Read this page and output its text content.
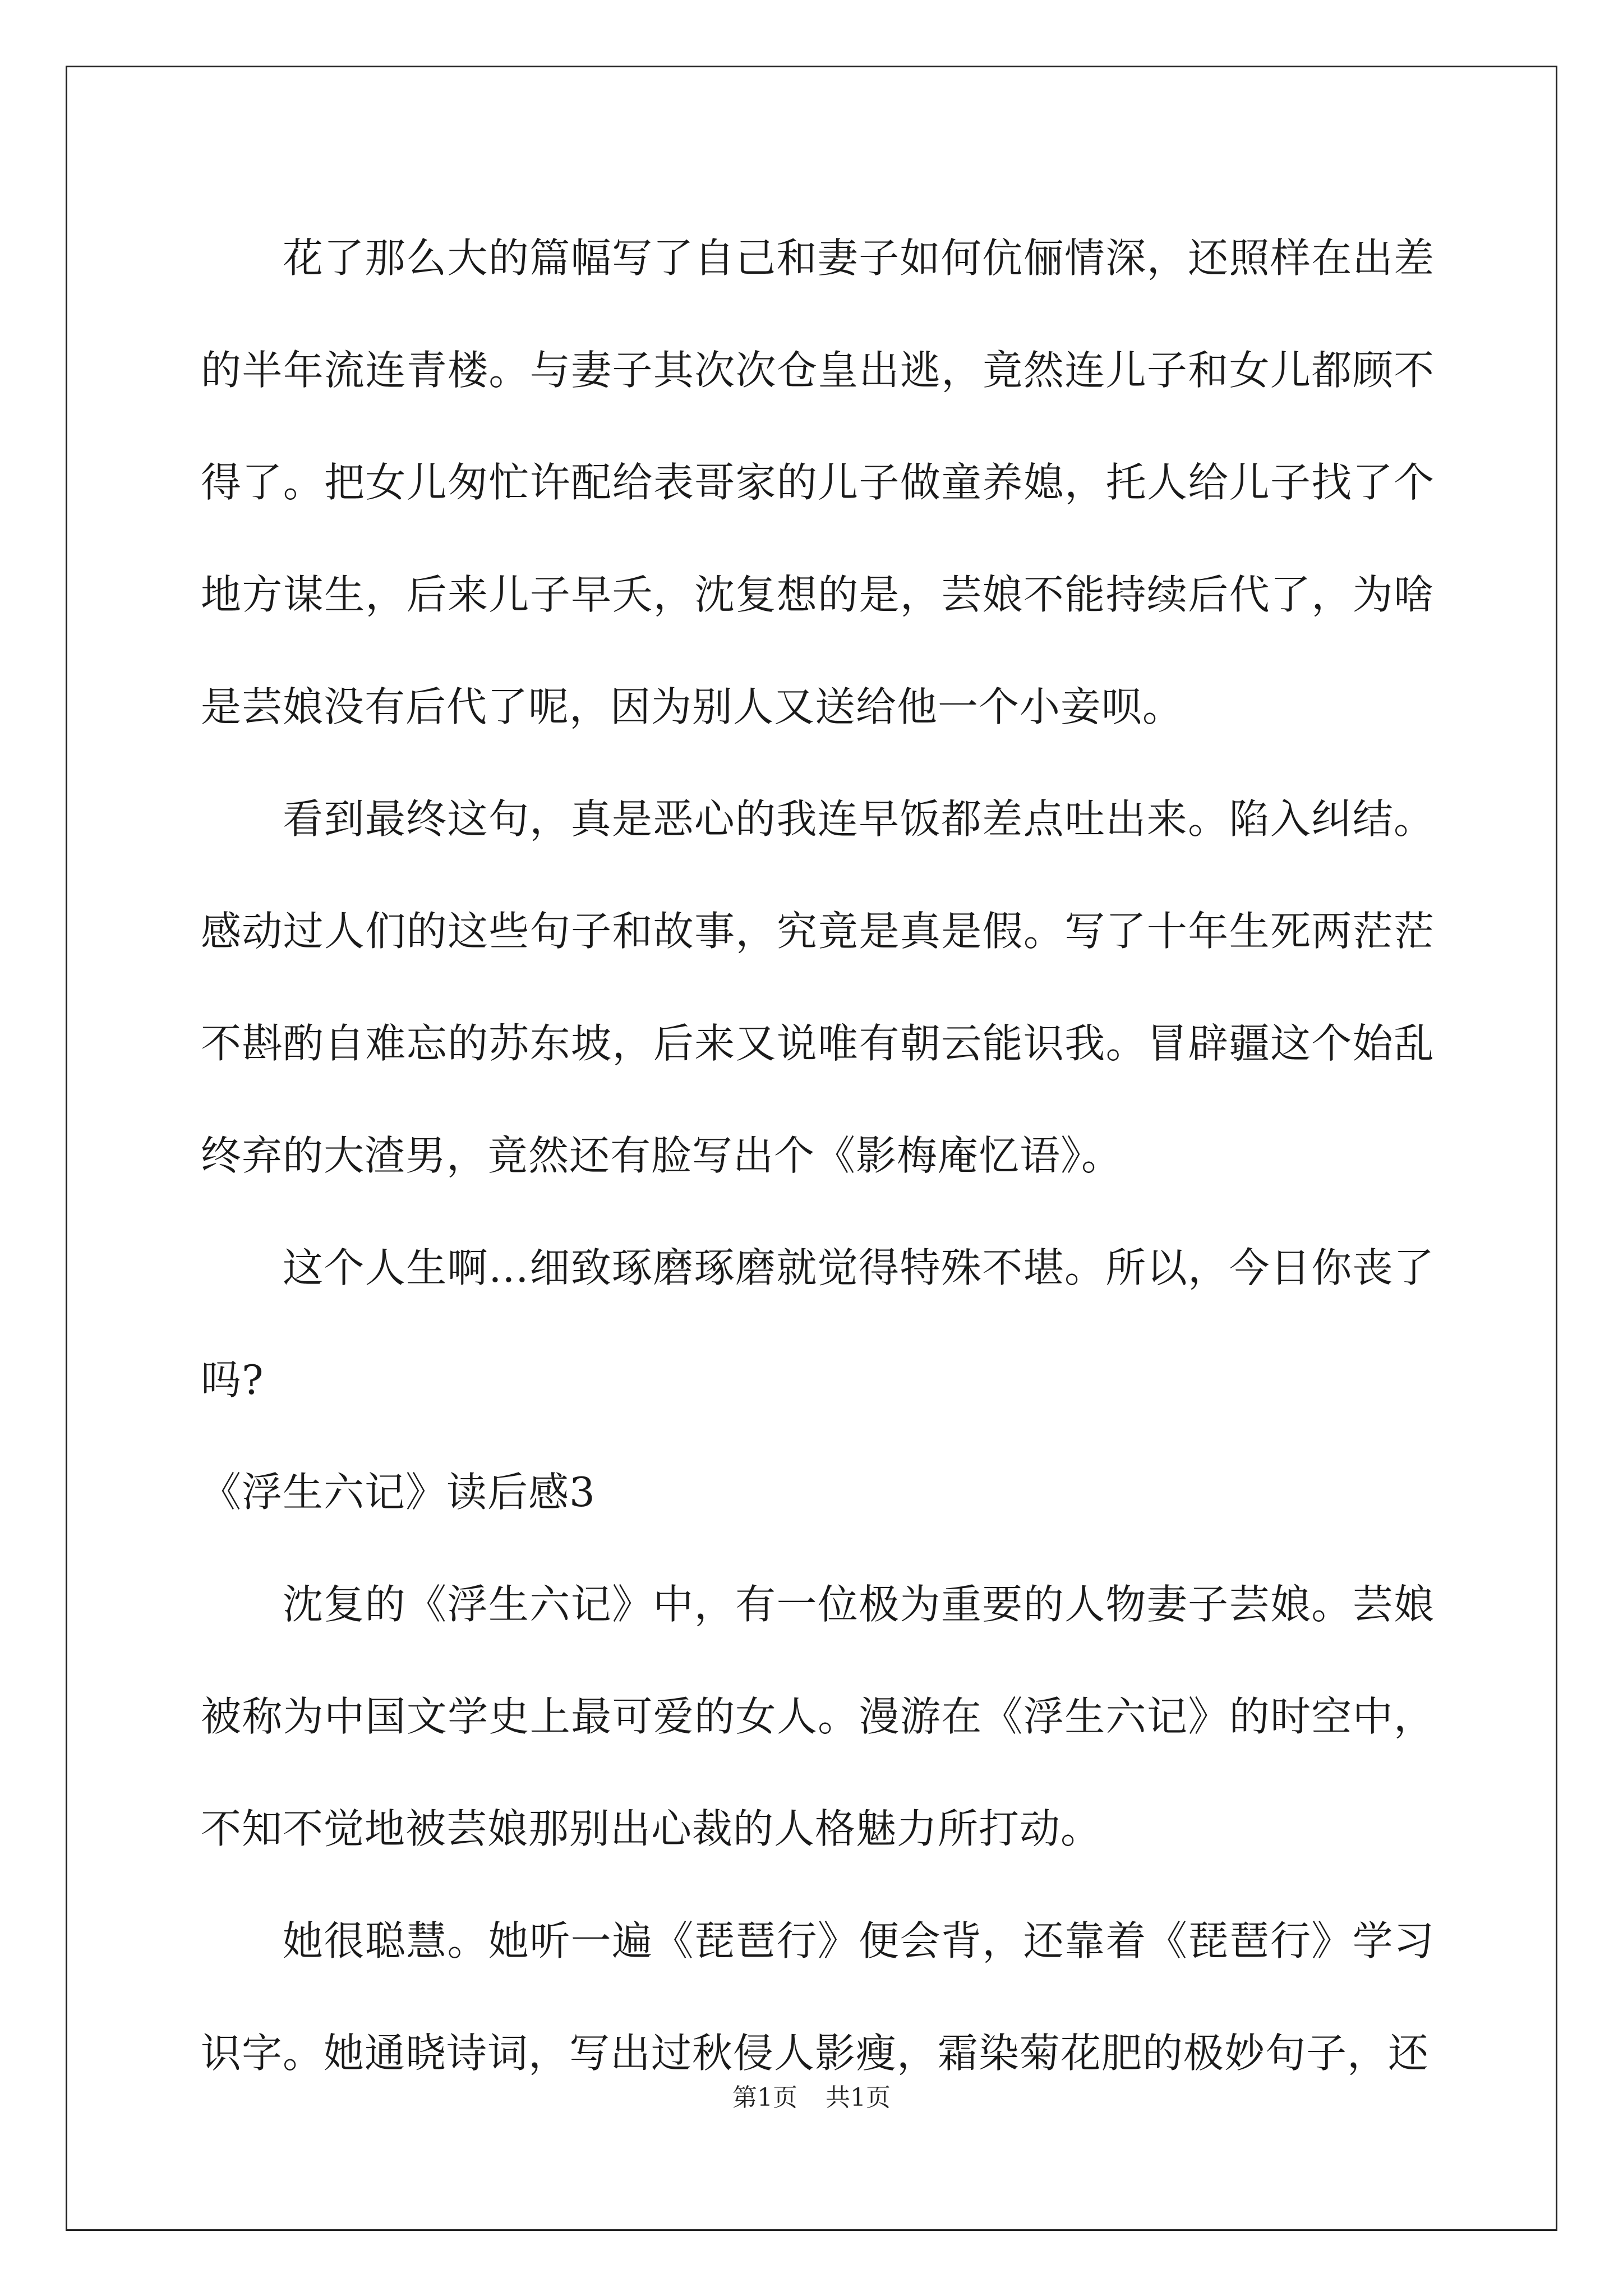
花了那么大的篇幅写了自己和妻子如何伉俪情深，还照样在出差的半年流连青楼。与妻子其次次仓皇出逃，竟然连儿子和女儿都顾不得了。把女儿匆忙许配给表哥家的儿子做童养媳，托人给儿子找了个地方谋生，后来儿子早夭，沈复想的是，芸娘不能持续后代了，为啥是芸娘没有后代了呢，因为别人又送给他一个小妾呗。

看到最终这句，真是恶心的我连早饭都差点吐出来。陷入纠结。感动过人们的这些句子和故事，究竟是真是假。写了十年生死两茫茫不斟酌自难忘的苏东坡，后来又说唯有朝云能识我。冒辟疆这个始乱终弃的大渣男，竟然还有脸写出个《影梅庵忆语》。

这个人生啊…细致琢磨琢磨就觉得特殊不堪。所以，今日你丧了吗?

《浮生六记》读后感3

沈复的《浮生六记》中，有一位极为重要的人物妻子芸娘。芸娘被称为中国文学史上最可爱的女人。漫游在《浮生六记》的时空中，不知不觉地被芸娘那别出心裁的人格魅力所打动。

她很聪慧。她听一遍《琵琶行》便会背，还靠着《琵琶行》学习识字。她通晓诗词，写出过秋侵人影瘦，霜染菊花肥的极妙句子，还

第1页 共1页
